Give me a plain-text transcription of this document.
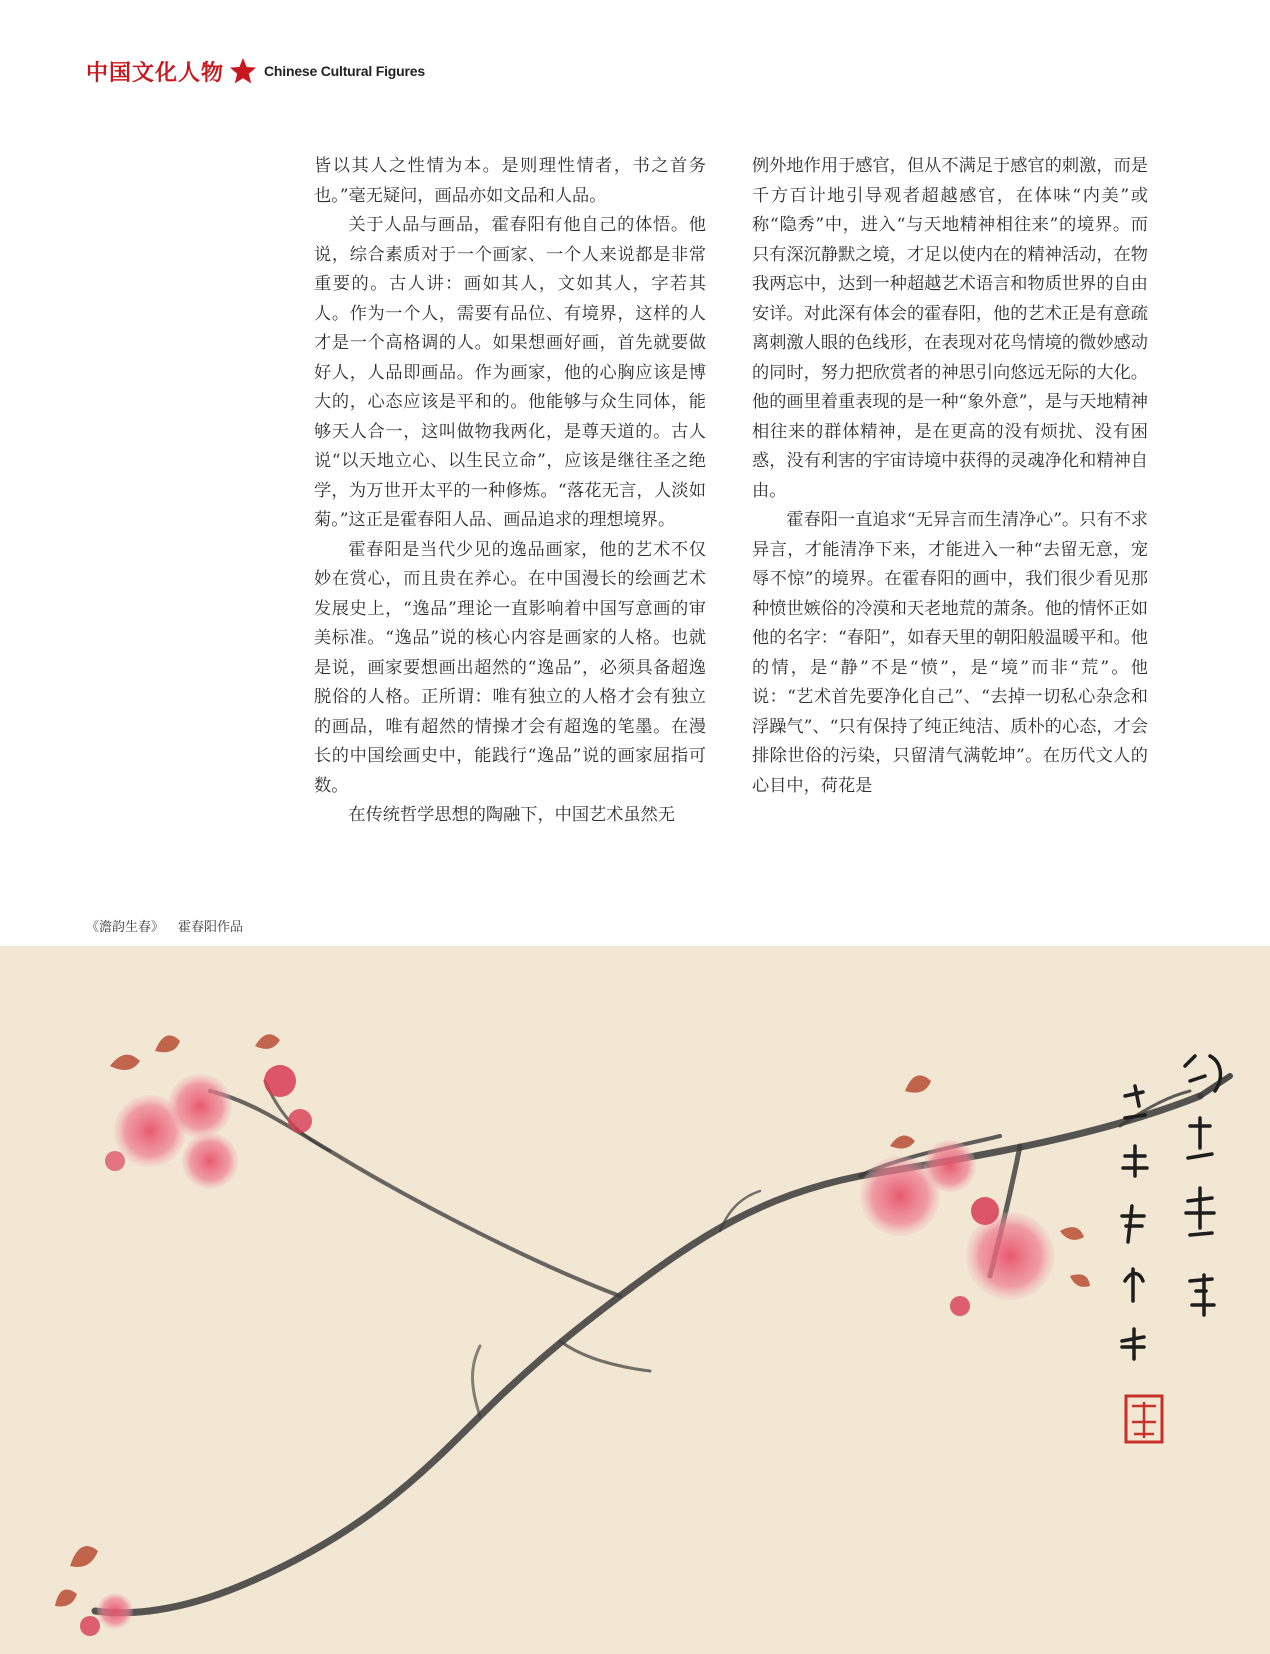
中国文化人物	Chinese Cultural Figures

皆以其人之性情为本。是则理性情者，书之首务也。”毫无疑问，画品亦如文品和人品。

关于人品与画品，霍春阳有他自己的体悟。他说，综合素质对于一个画家、一个人来说都是非常重要的。古人讲：画如其人，文如其人，字若其人。作为一个人，需要有品位、有境界，这样的人才是一个高格调的人。如果想画好画，首先就要做好人，人品即画品。作为画家，他的心胸应该是博大的，心态应该是平和的。他能够与众生同体，能够天人合一，这叫做物我两化，是尊天道的。古人说“以天地立心、以生民立命”，应该是继往圣之绝学，为万世开太平的一种修炼。“落花无言，人淡如菊。”这正是霍春阳人品、画品追求的理想境界。

霍春阳是当代少见的逸品画家，他的艺术不仅妙在赏心，而且贵在养心。在中国漫长的绘画艺术发展史上，“逸品”理论一直影响着中国写意画的审美标准。“逸品”说的核心内容是画家的人格。也就是说，画家要想画出超然的“逸品”，必须具备超逸脱俗的人格。正所谓：唯有独立的人格才会有独立的画品，唯有超然的情操才会有超逸的笔墨。在漫长的中国绘画史中，能践行“逸品”说的画家屈指可数。

在传统哲学思想的陶融下，中国艺术虽然无

例外地作用于感官，但从不满足于感官的刺激，而是千方百计地引导观者超越感官，在体味“内美”或称“隐秀”中，进入“与天地精神相往来”的境界。而只有深沉静默之境，才足以使内在的精神活动，在物我两忘中，达到一种超越艺术语言和物质世界的自由安详。对此深有体会的霍春阳，他的艺术正是有意疏离刺激人眼的色线形，在表现对花鸟情境的微妙感动的同时，努力把欣赏者的神思引向悠远无际的大化。他的画里着重表现的是一种“象外意”，是与天地精神相往来的群体精神，是在更高的没有烦扰、没有困惑，没有利害的宇宙诗境中获得的灵魂净化和精神自由。

霍春阳一直追求“无异言而生清净心”。只有不求异言，才能清净下来，才能进入一种“去留无意，宠辱不惊”的境界。在霍春阳的画中，我们很少看见那种愤世嫉俗的冷漠和天老地荒的萧条。他的情怀正如他的名字：“春阳”，如春天里的朝阳般温暖平和。他的情，是“静”不是“愤”，是“境”而非“荒”。他说：“艺术首先要净化自己”、“去掉一切私心杂念和浮躁气”、“只有保持了纯正纯洁、质朴的心态，才会排除世俗的污染，只留清气满乾坤”。在历代文人的心目中，荷花是

《澹韵生春》 霍春阳作品
